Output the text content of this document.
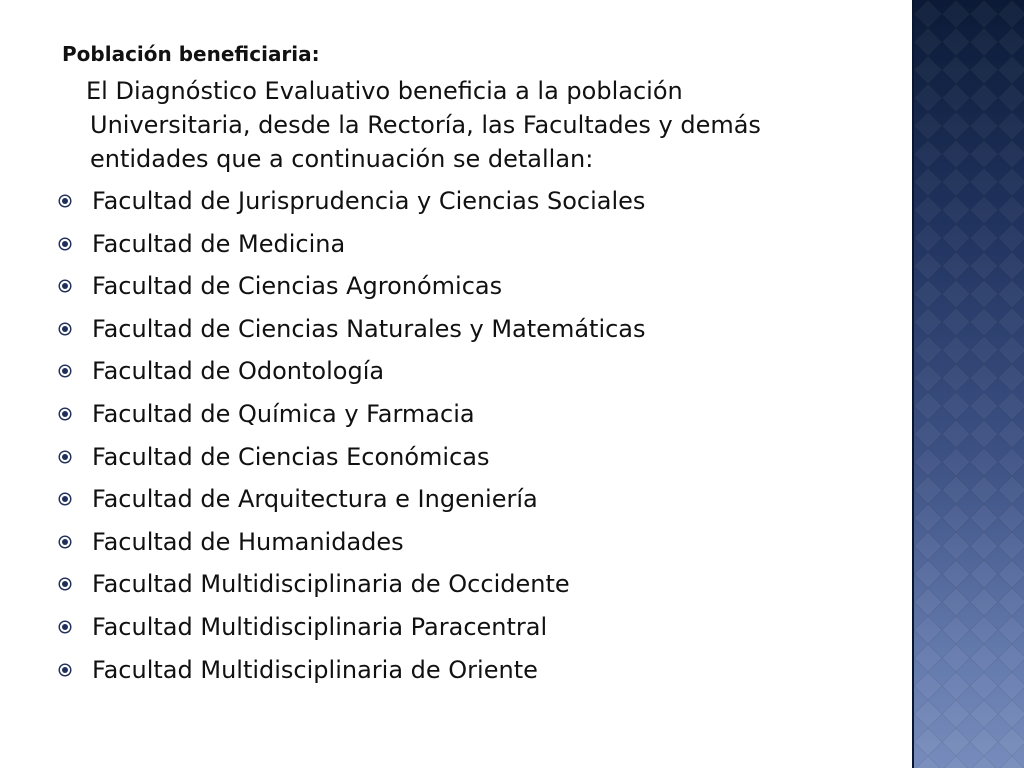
Población beneficiaria:
El Diagnóstico Evaluativo beneficia a la población Universitaria, desde la Rectoría, las Facultades y demás entidades que a continuación se detallan:
Facultad de Jurisprudencia y Ciencias Sociales
Facultad de Medicina
Facultad de Ciencias Agronómicas
Facultad de Ciencias Naturales y Matemáticas
Facultad de Odontología
Facultad de Química y Farmacia
Facultad de Ciencias Económicas
Facultad de Arquitectura e Ingeniería
Facultad de Humanidades
Facultad Multidisciplinaria de Occidente
Facultad Multidisciplinaria Paracentral
Facultad Multidisciplinaria de Oriente
